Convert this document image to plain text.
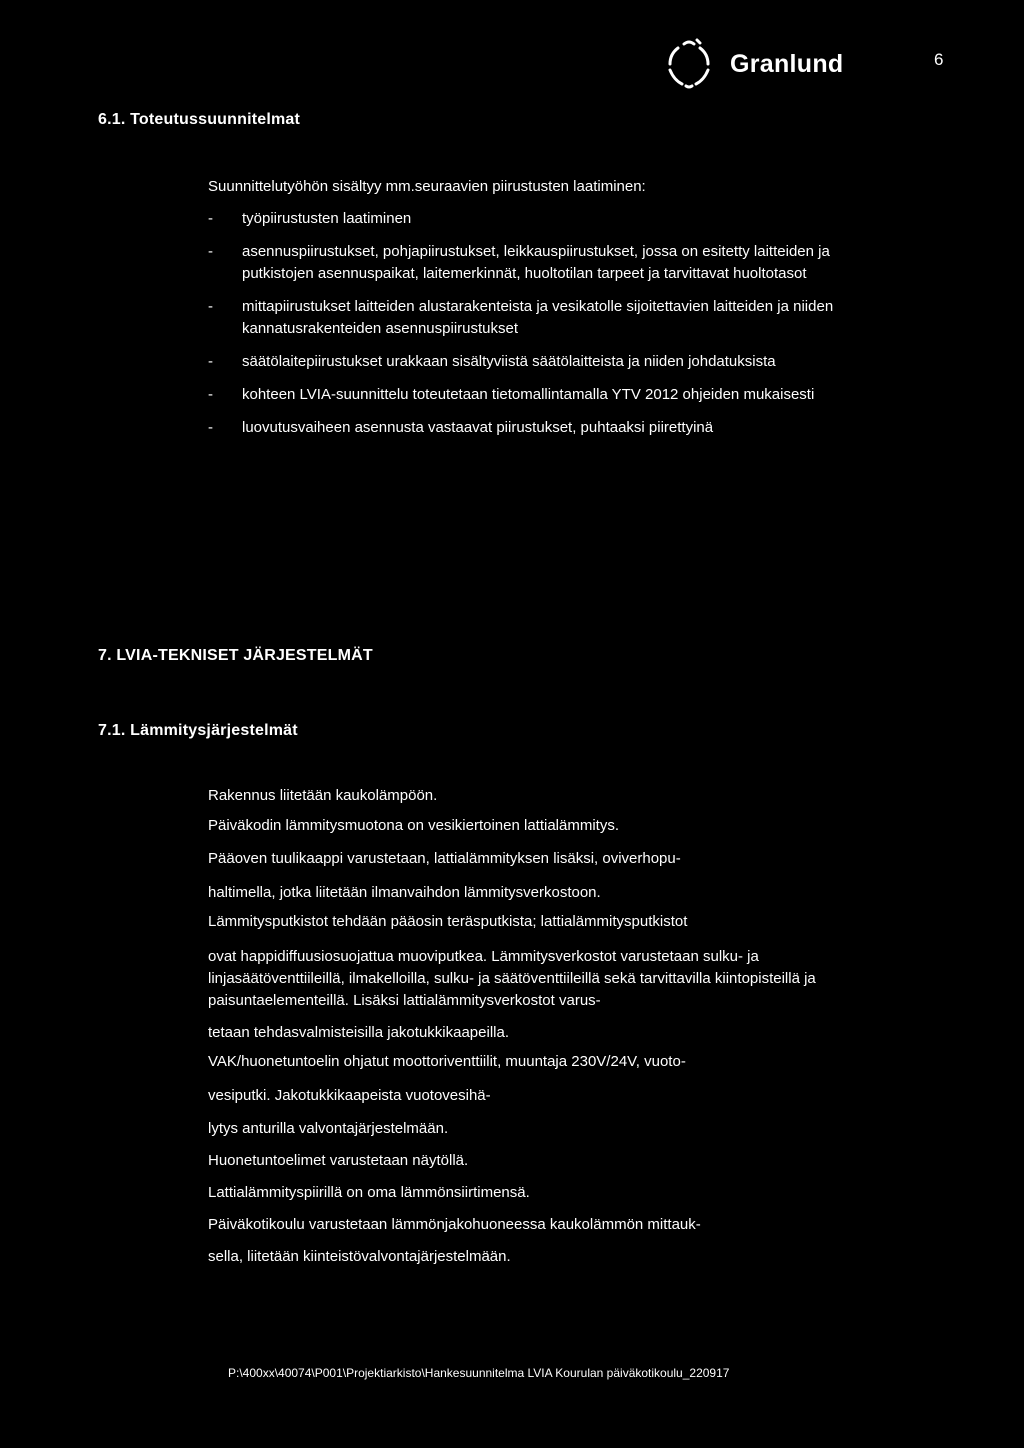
Granlund	6
6.1. Toteutussuunnitelmat
Suunnittelutyöhön sisältyy mm.seuraavien piirustusten laatiminen:
- työpiirustusten laatiminen
- asennuspiirustukset, pohjapiirustukset, leikkauspiirustukset, jossa on esitetty laitteiden ja putkistojen asennuspaikat, laitemerkinnät, huoltotilan tarpeet ja tarvittavat huoltotasot
- mittapiirustukset laitteiden alustarakenteista ja vesikatolle sijoitettavien laitteiden ja niiden kannatusrakenteiden asennuspiirustukset
- säätölaitepiirustukset urakkaan sisältyviistä säätölaitteista ja niiden johdatuksista
- kohteen LVIA-suunnittelu toteutetaan tietomallintamalla YTV 2012 ohjeiden mukaisesti
- luovutusvaiheen asennusta vastaavat piirustukset, puhtaaksi piirettyinä
7. LVIA-TEKNISET JÄRJESTELMÄT
7.1. Lämmitysjärjestelmät
Rakennus liitetään kaukolämpöön.
Päiväkodin lämmitysmuotona on vesikiertoinen lattialämmitys.
Pääoven tuulikaappi varustetaan, lattialämmityksen lisäksi, oviverhopu-
haltimella, jotka liitetään ilmanvaihdon lämmitysverkostoon.
Lämmitysputkistot tehdään pääosin teräsputkista; lattialämmitysputkistot
ovat happidiffuusiosuojattua muoviputkea. Lämmitysverkostot varustetaan sulku- ja
linjasäätöventtiileillä, ilmakelloilla, sulku- ja säätöventtiileillä sekä tarvittavilla kiintopisteillä ja paisuntaelementeillä. Lisäksi lattialämmitysverkostot varus-
tetaan tehdasvalmisteisilla jakotukkikaapeilla.
VAK/huonetuntoelin ohjatut moottoriventtiilit, muuntaja 230V/24V, vuoto-
vesiputki. Jakotukkikaapeista vuotovesihä-
lytys anturilla valvontajärjestelmään.
Huonetuntoelimet varustetaan näytöllä.
Lattialämmityspiirillä on oma lämmönsiirtimensä.
Päiväkotikoulu varustetaan lämmönjakohuoneessa kaukolämmön mittauk-
sella, liitetään kiinteistövalvontajärjestelmään.
P:\400xx\40074\P001\Projektiarkisto\Hankesuunnitelma LVIA Kourulan päiväkotikoulu_220917
